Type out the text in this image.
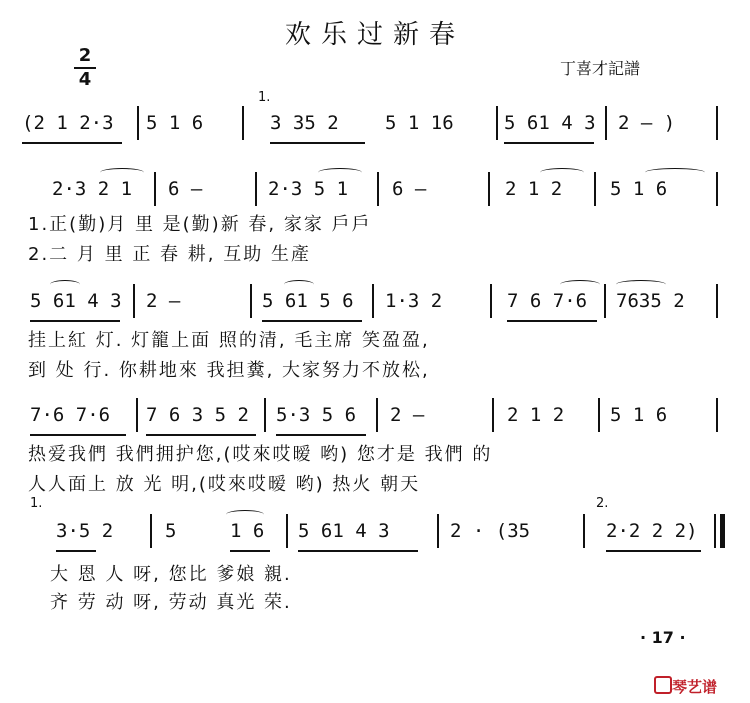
欢乐过新春
丁喜才記譜
2
4
(2 1 2·3 5 1 6
1.
3 35 2 5 1 16	5 61 4 3 2 – )
2·3 2 1 6 –	2·3 5 1 6 –	2 1 2	5 1 6
1.正(勤)月 里 是(勤)新 春, 家家 戶戶
2.二 月 里 正 春 耕, 互助 生產
5 61 4 3 2 –	5 61 5 6 1·3 2	7 6 7·6 7635 2
挂上紅 灯. 灯籠上面 照的清, 毛主席 笑盈盈,
到 处 行. 你耕地來 我担糞, 大家努力不放松,
7·6 7·6 7 6 3 5 2 5·3 5 6 2 –	2 1 2 5 1 6
热爱我們 我們拥护您,(哎來哎暧 哟) 您才是 我們 的
人人面上 放 光 明,(哎來哎暧 哟) 热火 朝天
1.
3·5 2	5	1 6 5 61 4 3	2 · (35
2.
2·2 2 2)
大 恩 人 呀, 您比 爹娘 親.
齐 劳 动 呀, 劳动 真光 荣.
· 17 ·
琴艺谱
